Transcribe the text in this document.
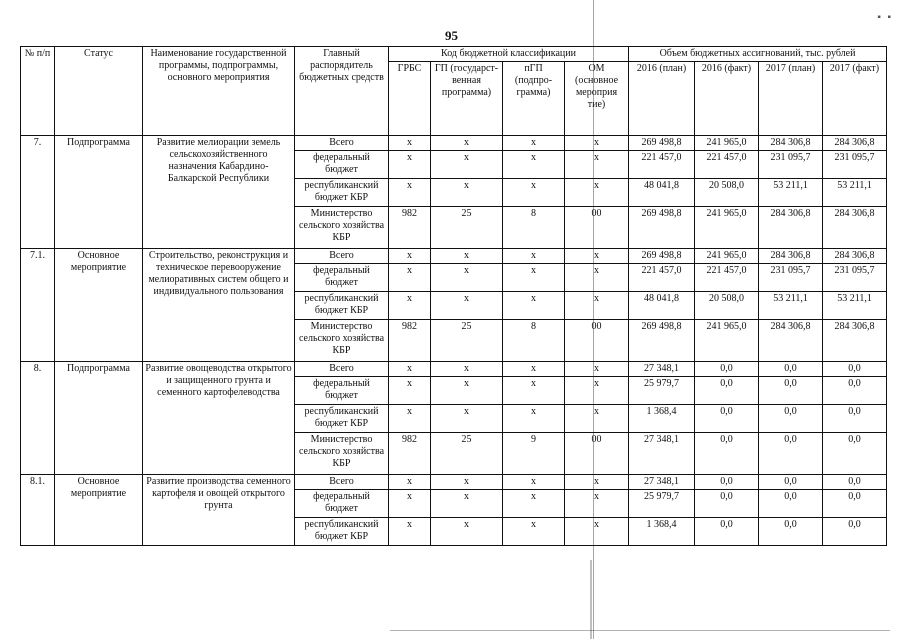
95
▪ ▪
№ п/п	Статус	Наименование государственной программы, подпрограммы, основного мероприятия	Главный распорядитель бюджетных средств	Код бюджетной классификации				Объем бюджетных ассигнований, тыс. рублей			
				ГРБС	ГП (государст-венная программа)	пГП (подпро-грамма)	ОМ (основное мероприя тие)	2016 (план)	2016 (факт)	2017 (план)	2017 (факт)
7.	Подпрограмма	Развитие мелиорации земель сельскохозяйственного назначения Кабардино-Балкарской Республики	Всего	x	x	x	x	269 498,8	241 965,0	284 306,8	284 306,8
			федеральный бюджет	x	x	x	x	221 457,0	221 457,0	231 095,7	231 095,7
			республиканский бюджет КБР	x	x	x	x	48 041,8	20 508,0	53 211,1	53 211,1
			Министерство сельского хозяйства КБР	982	25	8	00	269 498,8	241 965,0	284 306,8	284 306,8
7.1.	Основное мероприятие	Строительство, реконструкция и техническое перевооружение мелиоративных систем общего и индивидуального пользования	Всего	x	x	x	x	269 498,8	241 965,0	284 306,8	284 306,8
			федеральный бюджет	x	x	x	x	221 457,0	221 457,0	231 095,7	231 095,7
			республиканский бюджет КБР	x	x	x	x	48 041,8	20 508,0	53 211,1	53 211,1
			Министерство сельского хозяйства КБР	982	25	8	00	269 498,8	241 965,0	284 306,8	284 306,8
8.	Подпрограмма	Развитие овощеводства открытого и защищенного грунта и семенного картофелеводства	Всего	x	x	x	x	27 348,1	0,0	0,0	0,0
			федеральный бюджет	x	x	x	x	25 979,7	0,0	0,0	0,0
			республиканский бюджет КБР	x	x	x	x	1 368,4	0,0	0,0	0,0
			Министерство сельского хозяйства КБР	982	25	9	00	27 348,1	0,0	0,0	0,0
8.1.	Основное мероприятие	Развитие производства семенного картофеля и овощей открытого грунта	Всего	x	x	x	x	27 348,1	0,0	0,0	0,0
			федеральный бюджет	x	x	x	x	25 979,7	0,0	0,0	0,0
			республиканский бюджет КБР	x	x	x	x	1 368,4	0,0	0,0	0,0
